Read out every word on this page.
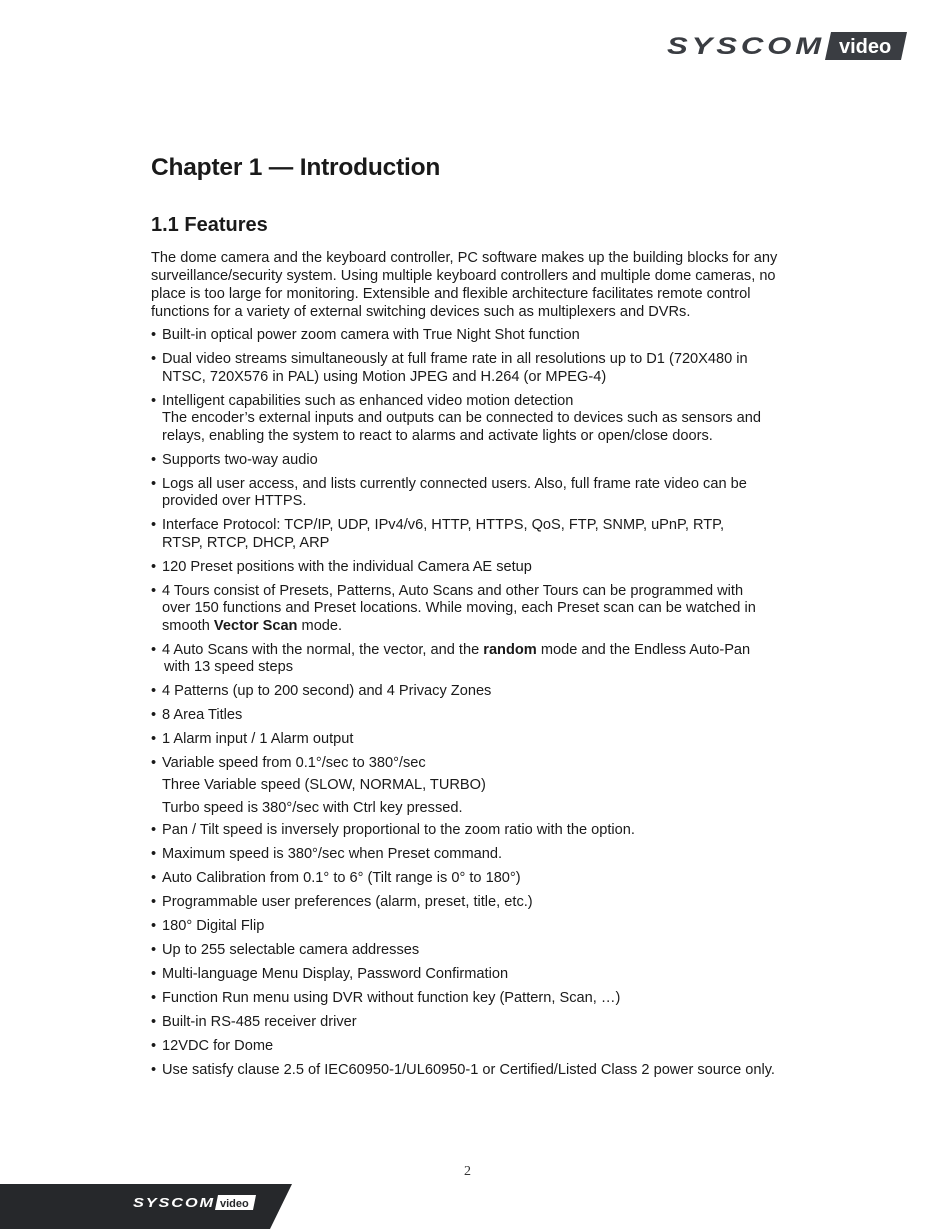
SYSCOM video
Chapter 1 — Introduction
1.1 Features

The dome camera and the keyboard controller, PC software makes up the building blocks for any
surveillance/security system. Using multiple keyboard controllers and multiple dome cameras, no
place is too large for monitoring. Extensible and flexible architecture facilitates remote control
functions for a variety of external switching devices such as multiplexers and DVRs.

• Built-in optical power zoom camera with True Night Shot function
• Dual video streams simultaneously at full frame rate in all resolutions up to D1 (720X480 in
NTSC, 720X576 in PAL) using Motion JPEG and H.264 (or MPEG-4)
• Intelligent capabilities such as enhanced video motion detection
The encoder’s external inputs and outputs can be connected to devices such as sensors and
relays, enabling the system to react to alarms and activate lights or open/close doors.
• Supports two-way audio
• Logs all user access, and lists currently connected users. Also, full frame rate video can be
provided over HTTPS.
• Interface Protocol: TCP/IP, UDP, IPv4/v6, HTTP, HTTPS, QoS, FTP, SNMP, uPnP, RTP,
RTSP, RTCP, DHCP, ARP
• 120 Preset positions with the individual Camera AE setup
• 4 Tours consist of Presets, Patterns, Auto Scans and other Tours can be programmed with
over 150 functions and Preset locations. While moving, each Preset scan can be watched in
smooth Vector Scan mode.
• 4 Auto Scans with the normal, the vector, and the random mode and the Endless Auto-Pan
with 13 speed steps
• 4 Patterns (up to 200 second) and 4 Privacy Zones
• 8 Area Titles
• 1 Alarm input / 1 Alarm output
• Variable speed from 0.1°/sec to 380°/sec
Three Variable speed (SLOW, NORMAL, TURBO)
Turbo speed is 380°/sec with Ctrl key pressed.
• Pan / Tilt speed is inversely proportional to the zoom ratio with the option.
• Maximum speed is 380°/sec when Preset command.
• Auto Calibration from 0.1° to 6° (Tilt range is 0° to 180°)
• Programmable user preferences (alarm, preset, title, etc.)
• 180° Digital Flip
• Up to 255 selectable camera addresses
• Multi-language Menu Display, Password Confirmation
• Function Run menu using DVR without function key (Pattern, Scan, …)
• Built-in RS-485 receiver driver
• 12VDC for Dome
• Use satisfy clause 2.5 of IEC60950-1/UL60950-1 or Certified/Listed Class 2 power source only.
2
SYSCOM video
